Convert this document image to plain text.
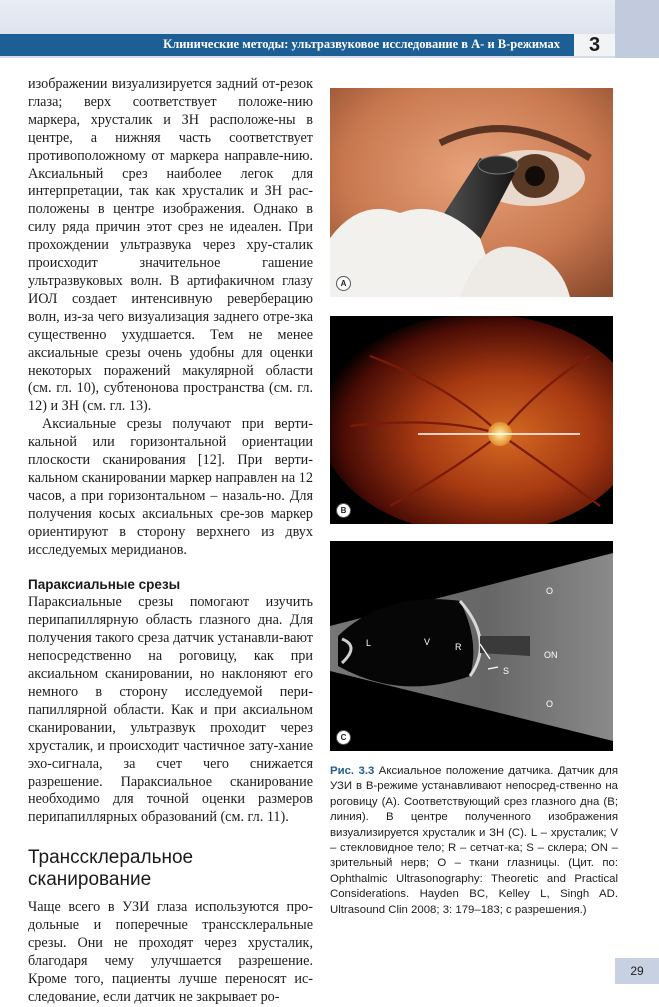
Клинические методы: ультразвуковое исследование в А- и В-режимах	3

изображении визуализируется задний от-резок глаза; верх соответствует положе-нию маркера, хрусталик и ЗН расположе-ны в центре, а нижняя часть соответствует противоположному от маркера направле-нию. Аксиальный срез наиболее легок для интерпретации, так как хрусталик и ЗН рас-положены в центре изображения. Однако в силу ряда причин этот срез не идеален. При прохождении ультразвука через хру-сталик происходит значительное гашение ультразвуковых волн. В артифакичном глазу ИОЛ создает интенсивную реверберацию волн, из-за чего визуализация заднего отре-зка существенно ухудшается. Тем не менее аксиальные срезы очень удобны для оценки некоторых поражений макулярной области (см. гл. 10), субтенонова пространства (см. гл. 12) и ЗН (см. гл. 13).

Аксиальные срезы получают при верти-кальной или горизонтальной ориентации плоскости сканирования [12]. При верти-кальном сканировании маркер направлен на 12 часов, а при горизонтальном – назаль-но. Для получения косых аксиальных сре-зов маркер ориентируют в сторону верхнего из двух исследуемых меридианов.

Параксиальные срезы

Параксиальные срезы помогают изучить перипапиллярную область глазного дна. Для получения такого среза датчик устанавли-вают непосредственно на роговицу, как при аксиальном сканировании, но наклоняют его немного в сторону исследуемой пери-папиллярной области. Как и при аксиальном сканировании, ультразвук проходит через хрусталик, и происходит частичное зату-хание эхо-сигнала, за счет чего снижается разрешение. Параксиальное сканирование необходимо для точной оценки размеров перипапиллярных образований (см. гл. 11).

Транссклеральное сканирование

Чаще всего в УЗИ глаза используются про-дольные и поперечные транссклеральные срезы. Они не проходят через хрусталик, благодаря чему улучшается разрешение. Кроме того, пациенты лучше переносят ис-следование, если датчик не закрывает ро-

A
B
L	V	R
S
O
ON
O
C
Рис. 3.3 Аксиальное положение датчика. Датчик для УЗИ в В-режиме устанавливают непосред-ственно на роговицу (A). Соответствующий срез глазного дна (B; линия). В центре полученного изображения визуализируется хрусталик и ЗН (C). L – хрусталик; V – стекловидное тело; R – сетчат-ка; S – склера; ON – зрительный нерв; O – ткани глазницы. (Цит. по: Ophthalmic Ultrasonography: Theoretic and Practical Considerations. Hayden BC, Kelley L, Singh AD. Ultrasound Clin 2008; 3: 179–183; с разрешения.)
29
